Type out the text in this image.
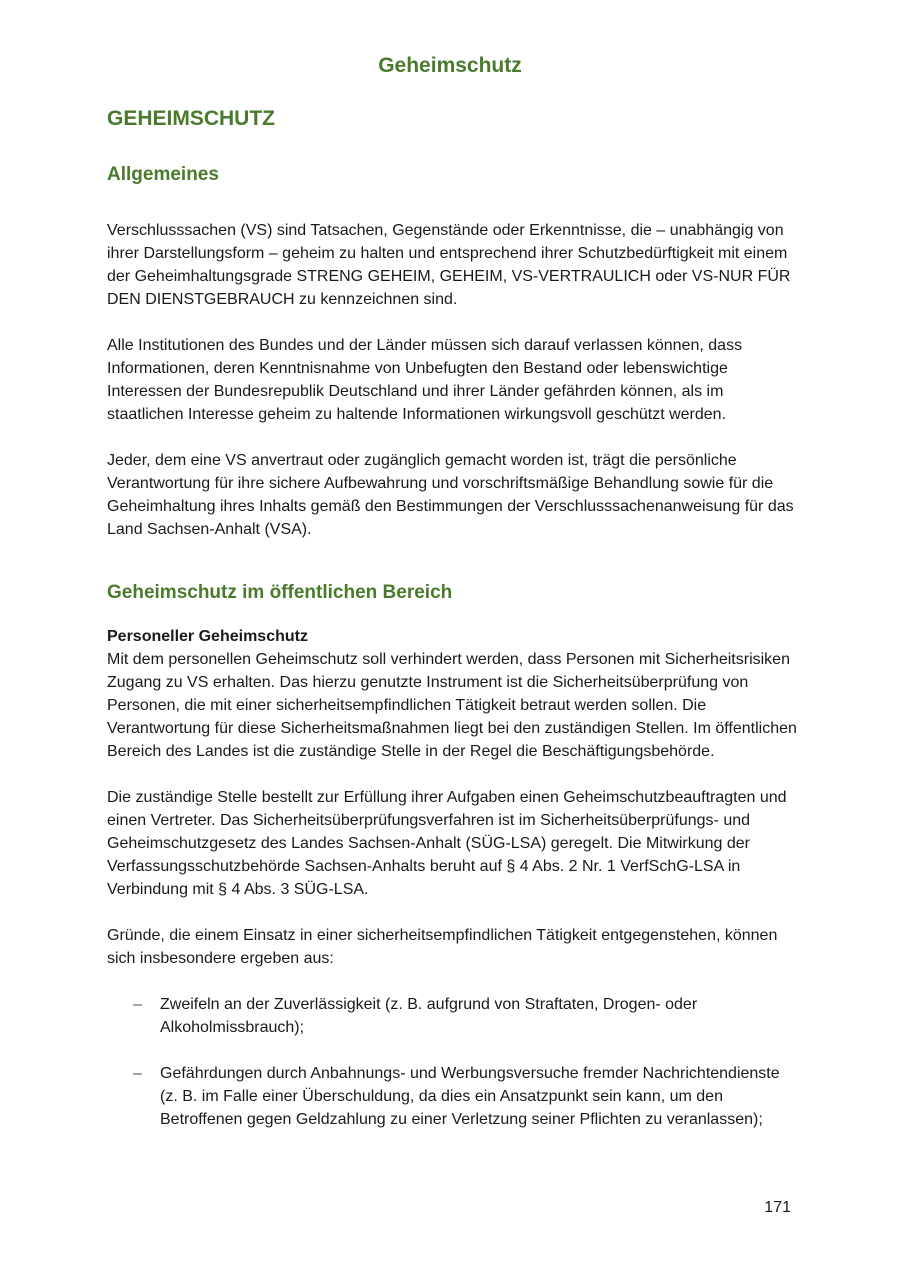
Geheimschutz
GEHEIMSCHUTZ
Allgemeines

Verschlusssachen (VS) sind Tatsachen, Gegenstände oder Erkenntnisse, die – unabhängig von ihrer Darstellungsform – geheim zu halten und entsprechend ihrer Schutzbedürftigkeit mit einem der Geheimhaltungsgrade STRENG GEHEIM, GEHEIM, VS-VERTRAULICH oder VS-NUR FÜR DEN DIENSTGEBRAUCH zu kennzeichnen sind.

Alle Institutionen des Bundes und der Länder müssen sich darauf verlassen können, dass Informationen, deren Kenntnisnahme von Unbefugten den Bestand oder lebenswichtige Interessen der Bundesrepublik Deutschland und ihrer Länder gefährden können, als im staatlichen Interesse geheim zu haltende Informationen wirkungsvoll geschützt werden.

Jeder, dem eine VS anvertraut oder zugänglich gemacht worden ist, trägt die persönliche Verantwortung für ihre sichere Aufbewahrung und vorschriftsmäßige Behandlung sowie für die Geheimhaltung ihres Inhalts gemäß den Bestimmungen der Verschlusssachenanweisung für das Land Sachsen-Anhalt (VSA).

Geheimschutz im öffentlichen Bereich
Personeller Geheimschutz

Mit dem personellen Geheimschutz soll verhindert werden, dass Personen mit Sicherheitsrisiken Zugang zu VS erhalten. Das hierzu genutzte Instrument ist die Sicherheitsüberprüfung von Personen, die mit einer sicherheitsempfindlichen Tätigkeit betraut werden sollen. Die Verantwortung für diese Sicherheitsmaßnahmen liegt bei den zuständigen Stellen. Im öffentlichen Bereich des Landes ist die zuständige Stelle in der Regel die Beschäftigungsbehörde.

Die zuständige Stelle bestellt zur Erfüllung ihrer Aufgaben einen Geheimschutzbeauftragten und einen Vertreter. Das Sicherheitsüberprüfungsverfahren ist im Sicherheitsüberprüfungs- und Geheimschutzgesetz des Landes Sachsen-Anhalt (SÜG-LSA) geregelt. Die Mitwirkung der Verfassungsschutzbehörde Sachsen-Anhalts beruht auf § 4 Abs. 2 Nr. 1 VerfSchG-LSA in Verbindung mit § 4 Abs. 3 SÜG-LSA.

Gründe, die einem Einsatz in einer sicherheitsempfindlichen Tätigkeit entgegenstehen, können sich insbesondere ergeben aus:

– Zweifeln an der Zuverlässigkeit (z. B. aufgrund von Straftaten, Drogen- oder Alkoholmissbrauch);
– Gefährdungen durch Anbahnungs- und Werbungsversuche fremder Nachrichtendienste (z. B. im Falle einer Überschuldung, da dies ein Ansatzpunkt sein kann, um den Betroffenen gegen Geldzahlung zu einer Verletzung seiner Pflichten zu veranlassen);
171
